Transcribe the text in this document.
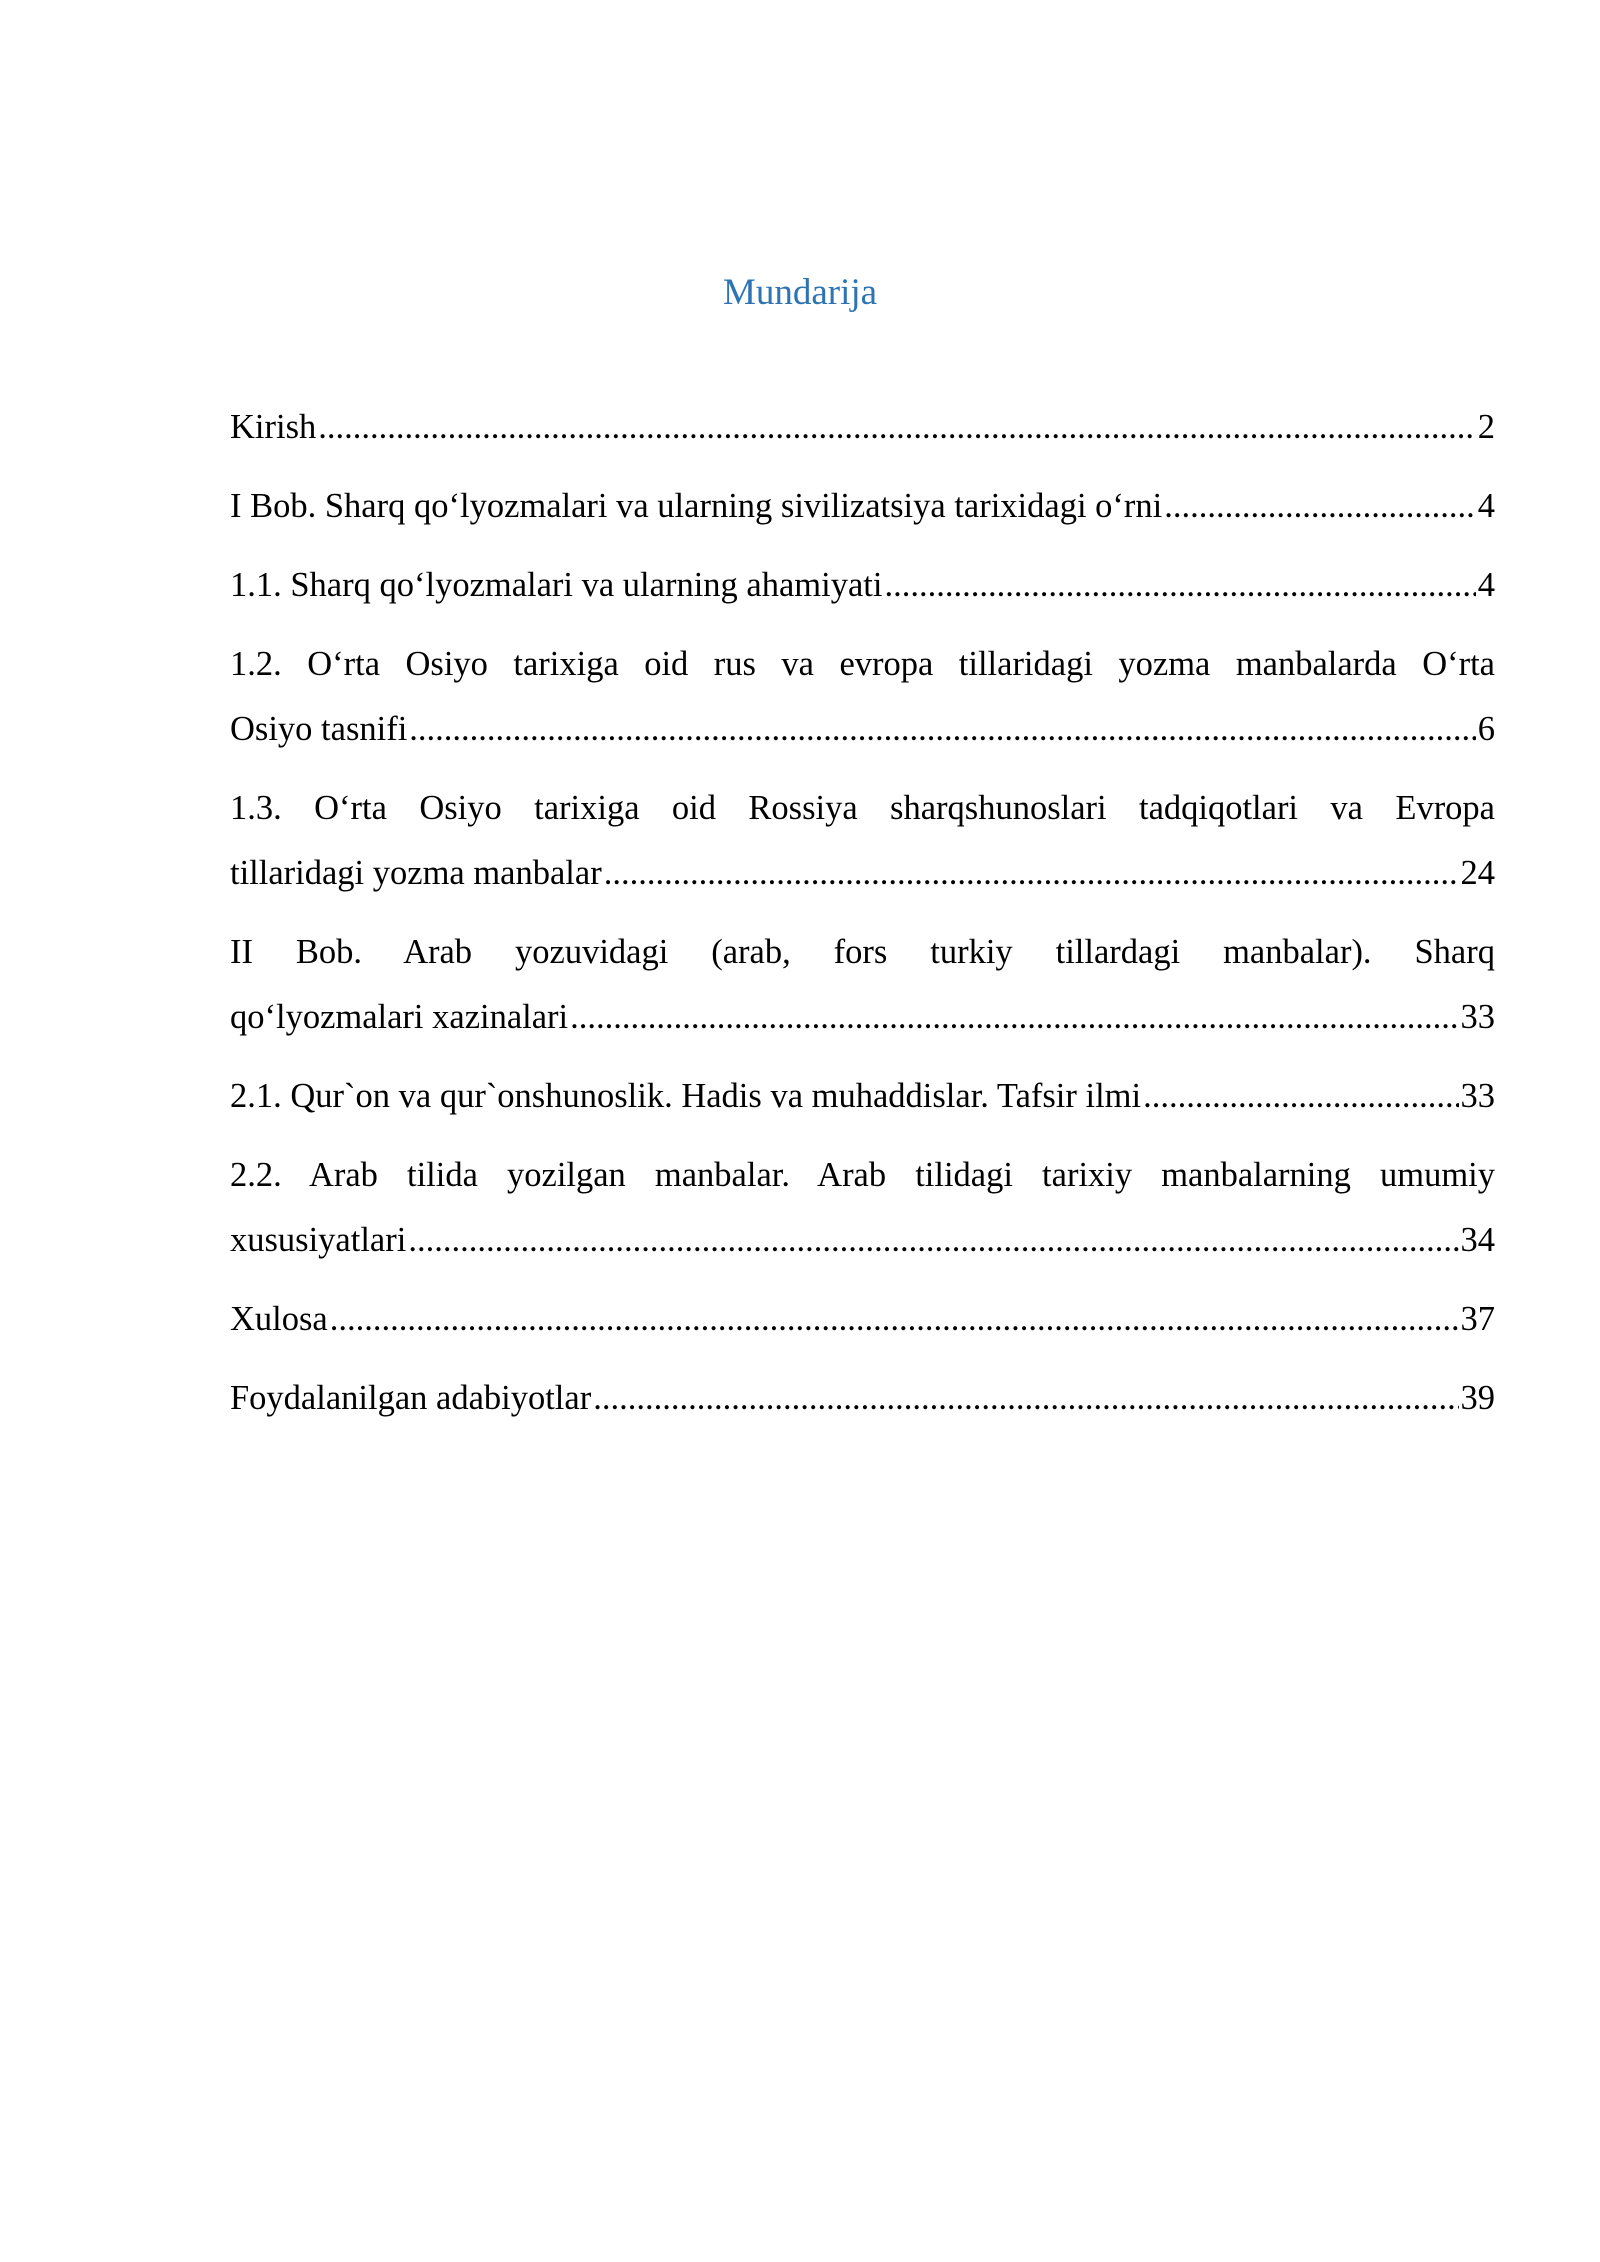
Mundarija
Kirish .....	2
I Bob. Sharq qo‘lyozmalari va ularning sivilizatsiya tarixidagi o‘rni .....	4
1.1. Sharq qo‘lyozmalari va ularning ahamiyati .....	4
1.2. O‘rta Osiyo tarixiga oid rus va evropa tillaridagi yozma manbalarda O‘rta
Osiyo tasnifi .....	6
1.3. O‘rta Osiyo tarixiga oid Rossiya sharqshunoslari tadqiqotlari va Evropa
tillaridagi yozma manbalar .....	24
II Bob. Arab yozuvidagi (arab, fors turkiy tillardagi manbalar). Sharq
qo‘lyozmalari xazinalari .....	33
2.1. Qur`on va qur`onshunoslik. Hadis va muhaddislar. Tafsir ilmi .....	33
2.2. Arab tilida yozilgan manbalar. Arab tilidagi tarixiy manbalarning umumiy
xususiyatlari .....	34
Xulosa .....	37
Foydalanilgan adabiyotlar .....	39
